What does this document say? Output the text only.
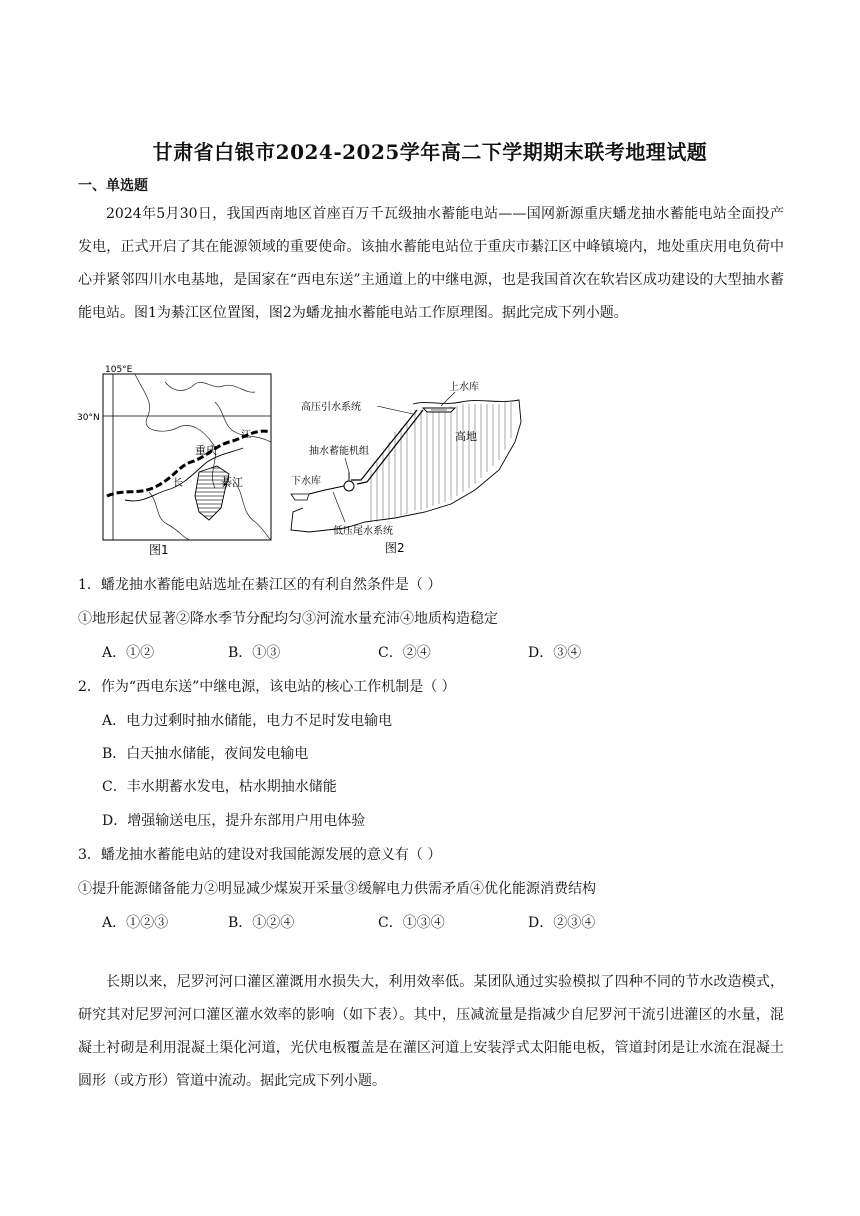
甘肃省白银市2024-2025学年高二下学期期末联考地理试题
一、单选题
2024年5月30日，我国西南地区首座百万千瓦级抽水蓄能电站——国网新源重庆蟠龙抽水蓄能电站全面投产发电，正式开启了其在能源领域的重要使命。该抽水蓄能电站位于重庆市綦江区中峰镇境内，地处重庆用电负荷中心并紧邻四川水电基地，是国家在“西电东送”主通道上的中继电源，也是我国首次在软岩区成功建设的大型抽水蓄能电站。图1为綦江区位置图，图2为蟠龙抽水蓄能电站工作原理图。据此完成下列小题。
105°E
30°N
重庆
綦江
长
江
图1
上水库
高压引水系统
高地
抽水蓄能机组
下水库
低压尾水系统
图2
1．蟠龙抽水蓄能电站选址在綦江区的有利自然条件是（ ）
①地形起伏显著②降水季节分配均匀③河流水量充沛④地质构造稳定
A．①②	B．①③	C．②④	D．③④
2．作为“西电东送”中继电源，该电站的核心工作机制是（ ）
A．电力过剩时抽水储能，电力不足时发电输电
B．白天抽水储能，夜间发电输电
C．丰水期蓄水发电，枯水期抽水储能
D．增强输送电压，提升东部用户用电体验
3．蟠龙抽水蓄能电站的建设对我国能源发展的意义有（ ）
①提升能源储备能力②明显减少煤炭开采量③缓解电力供需矛盾④优化能源消费结构
A．①②③	B．①②④	C．①③④	D．②③④
长期以来，尼罗河河口灌区灌溉用水损失大，利用效率低。某团队通过实验模拟了四种不同的节水改造模式，研究其对尼罗河河口灌区灌水效率的影响（如下表）。其中，压减流量是指减少自尼罗河干流引进灌区的水量，混凝土衬砌是利用混凝土渠化河道，光伏电板覆盖是在灌区河道上安装浮式太阳能电板，管道封闭是让水流在混凝土圆形（或方形）管道中流动。据此完成下列小题。
